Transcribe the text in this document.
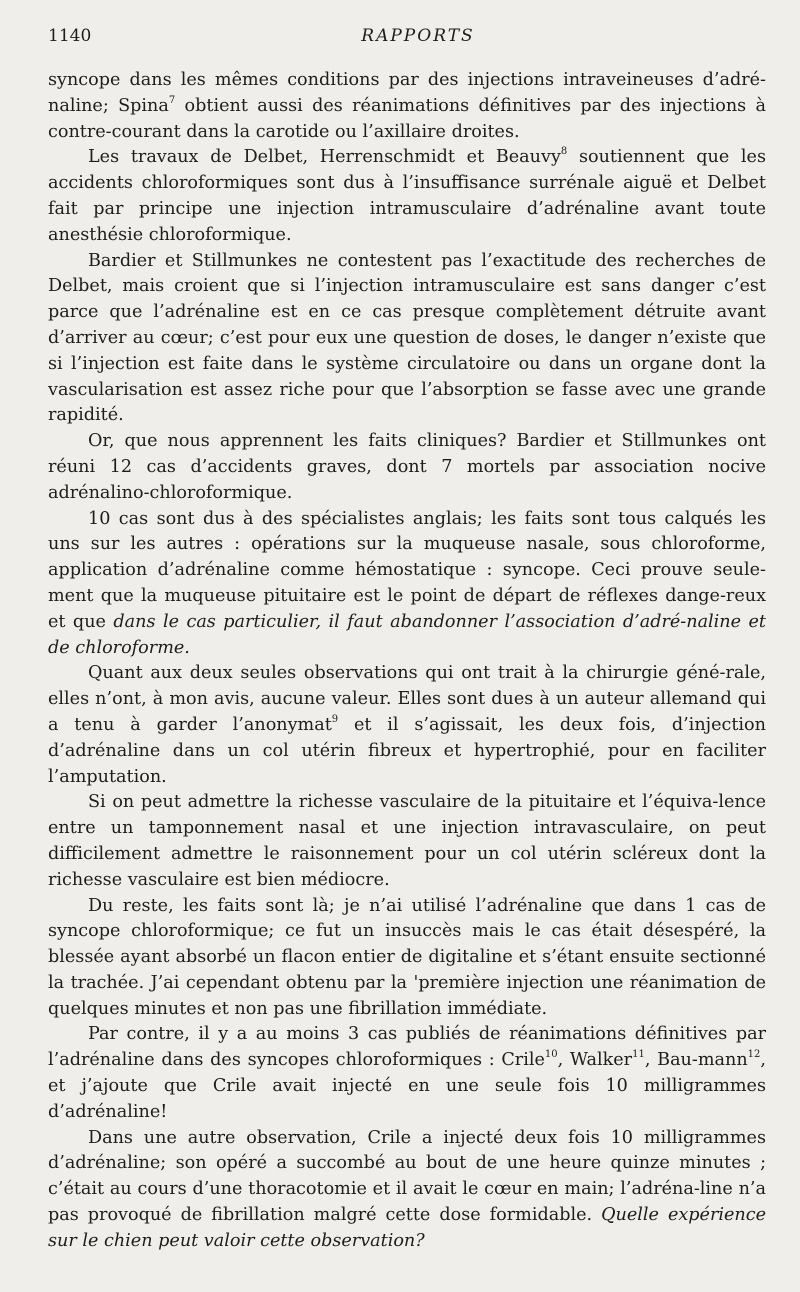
1140	RAPPORTS

syncope dans les mêmes conditions par des injections intraveineuses d’adré-naline; Spina$^7$ obtient aussi des réanimations définitives par des injections à contre-courant dans la carotide ou l’axillaire droites.

Les travaux de Delbet, Herrenschmidt et Beauvy$^8$ soutiennent que les accidents chloroformiques sont dus à l’insuffisance surrénale aiguë et Delbet fait par principe une injection intramusculaire d’adrénaline avant toute anesthésie chloroformique.

Bardier et Stillmunkes ne contestent pas l’exactitude des recherches de Delbet, mais croient que si l’injection intramusculaire est sans danger c’est parce que l’adrénaline est en ce cas presque complètement détruite avant d’arriver au cœur; c’est pour eux une question de doses, le danger n’existe que si l’injection est faite dans le système circulatoire ou dans un organe dont la vascularisation est assez riche pour que l’absorption se fasse avec une grande rapidité.

Or, que nous apprennent les faits cliniques? Bardier et Stillmunkes ont réuni 12 cas d’accidents graves, dont 7 mortels par association nocive adrénalino-chloroformique.

10 cas sont dus à des spécialistes anglais; les faits sont tous calqués les uns sur les autres : opérations sur la muqueuse nasale, sous chloroforme, application d’adrénaline comme hémostatique : syncope. Ceci prouve seule-ment que la muqueuse pituitaire est le point de départ de réflexes dange-reux et que dans le cas particulier, il faut abandonner l’association d’adré-naline et de chloroforme.

Quant aux deux seules observations qui ont trait à la chirurgie géné-rale, elles n’ont, à mon avis, aucune valeur. Elles sont dues à un auteur allemand qui a tenu à garder l’anonymat$^9$ et il s’agissait, les deux fois, d’injection d’adrénaline dans un col utérin fibreux et hypertrophié, pour en faciliter l’amputation.

Si on peut admettre la richesse vasculaire de la pituitaire et l’équiva-lence entre un tamponnement nasal et une injection intravasculaire, on peut difficilement admettre le raisonnement pour un col utérin scléreux dont la richesse vasculaire est bien médiocre.

Du reste, les faits sont là; je n’ai utilisé l’adrénaline que dans 1 cas de syncope chloroformique; ce fut un insuccès mais le cas était désespéré, la blessée ayant absorbé un flacon entier de digitaline et s’étant ensuite sectionné la trachée. J’ai cependant obtenu par la 'première injection une réanimation de quelques minutes et non pas une fibrillation immédiate.

Par contre, il y a au moins 3 cas publiés de réanimations définitives par l’adrénaline dans des syncopes chloroformiques : Crile$^{10}$, Walker$^{11}$, Bau-mann$^{12}$, et j’ajoute que Crile avait injecté en une seule fois 10 milligrammes d’adrénaline!

Dans une autre observation, Crile a injecté deux fois 10 milligrammes d’adrénaline; son opéré a succombé au bout de une heure quinze minutes ; c’était au cours d’une thoracotomie et il avait le cœur en main; l’adréna-line n’a pas provoqué de fibrillation malgré cette dose formidable. Quelle expérience sur le chien peut valoir cette observation?
